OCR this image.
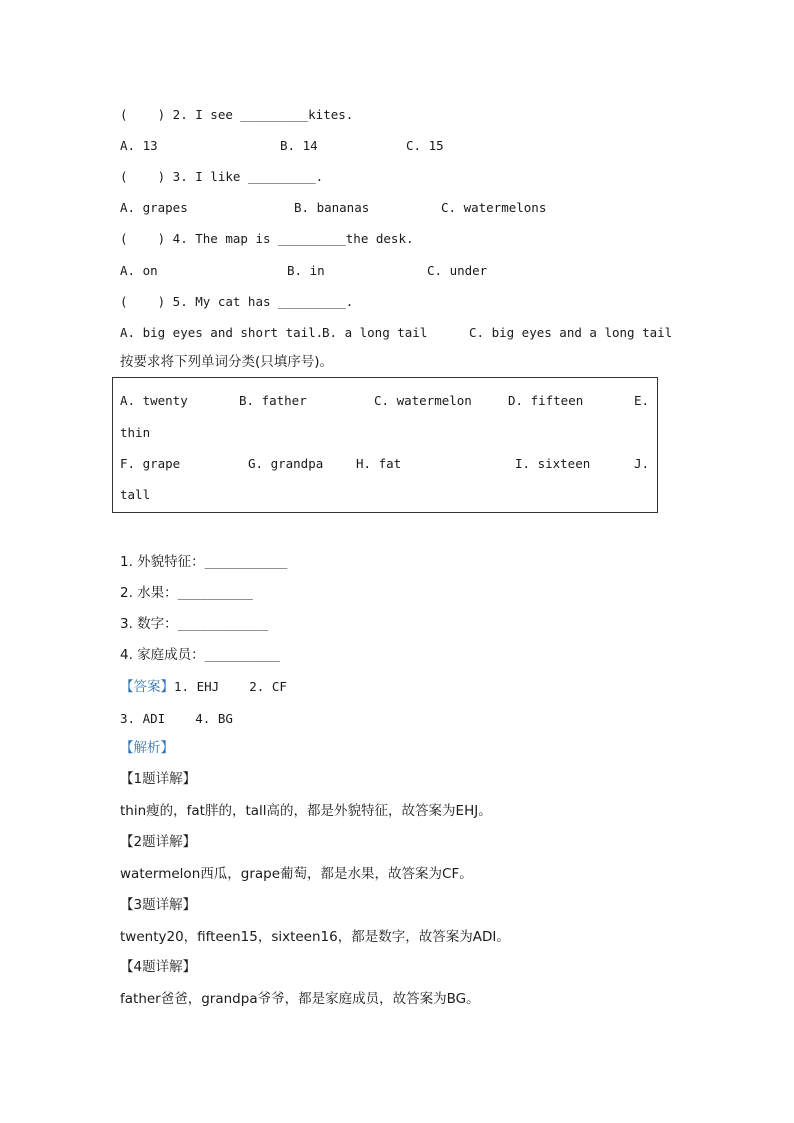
(    ) 2. I see _________kites.
A. 13	B. 14	C. 15
(    ) 3. I like _________.
A. grapes	B. bananas	C. watermelons
(    ) 4. The map is _________the desk.
A. on	B. in	C. under
(    ) 5. My cat has _________.
A. big eyes and short tail.
B. a long tail	C. big eyes and a long tail
按要求将下列单词分类(只填序号)。
A. twenty	B. father	C. watermelon	D. fifteen	E.
thin
F. grape	G. grandpa	H. fat	I. sixteen	J.
tall
1. 外貌特征：___________
2. 水果：__________
3. 数字：____________
4. 家庭成员：__________
【答案】1. EHJ    2. CF
3. ADI    4. BG
【解析】
【1题详解】
thin瘦的，fat胖的，tall高的，都是外貌特征，故答案为EHJ。
【2题详解】
watermelon西瓜，grape葡萄，都是水果，故答案为CF。
【3题详解】
twenty20，fifteen15，sixteen16，都是数字，故答案为ADI。
【4题详解】
father爸爸，grandpa爷爷，都是家庭成员，故答案为BG。
